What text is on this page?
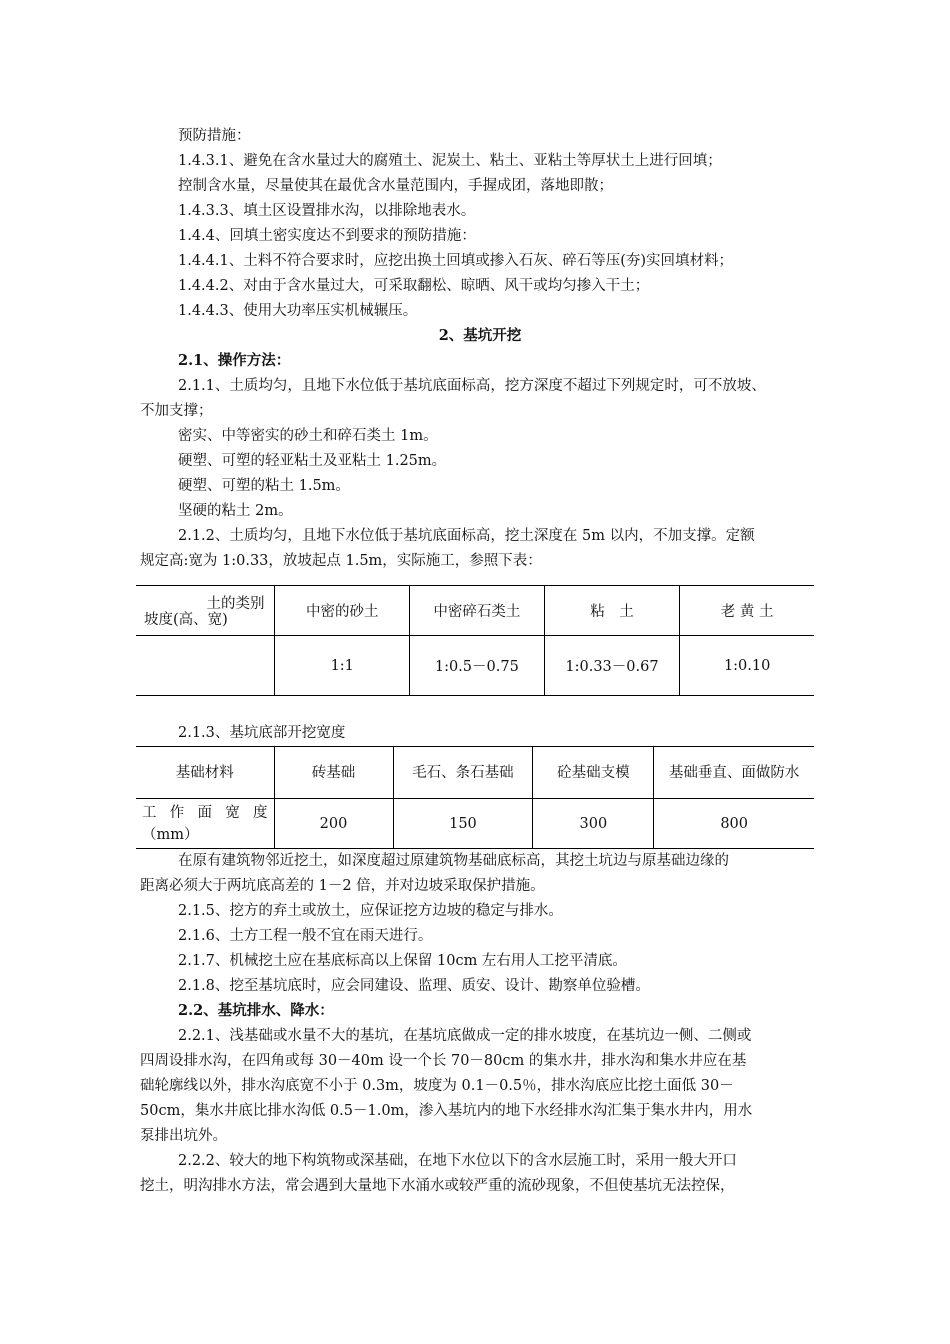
预防措施：
1.4.3.1、避免在含水量过大的腐殖土、泥炭土、粘土、亚粘土等厚状土上进行回填；
控制含水量，尽量使其在最优含水量范围内，手握成团，落地即散；
1.4.3.3、填土区设置排水沟，以排除地表水。
1.4.4、回填土密实度达不到要求的预防措施：
1.4.4.1、土料不符合要求时，应挖出换土回填或掺入石灰、碎石等压(夯)实回填材料；
1.4.4.2、对由于含水量过大，可采取翻松、晾晒、风干或均匀掺入干土；
1.4.4.3、使用大功率压实机械辗压。
2、基坑开挖
2.1、操作方法：
2.1.1、土质均匀，且地下水位低于基坑底面标高，挖方深度不超过下列规定时，可不放坡、
不加支撑；
密实、中等密实的砂土和碎石类土 1m。
硬塑、可塑的轻亚粘土及亚粘土 1.25m。
硬塑、可塑的粘土 1.5m。
坚硬的粘土 2m。
2.1.2、土质均匀，且地下水位低于基坑底面标高，挖土深度在 5m 以内，不加支撑。定额
规定高:宽为 1:0.33，放坡起点 1.5m，实际施工，参照下表：
土的类别
坡度(高、宽)	中密的砂土	中密碎石类土	粘　土	老 黄 土
	1:1	1:0.5－0.75	1:0.33－0.67	1:0.10
2.1.3、基坑底部开挖宽度
基础材料	砖基础	毛石、条石基础	砼基础支模	基础垂直、面做防水

工作面宽度
（mm）	200	150	300	800
在原有建筑物邻近挖土，如深度超过原建筑物基础底标高，其挖土坑边与原基础边缘的
距离必须大于两坑底高差的 1－2 倍，并对边坡采取保护措施。
2.1.5、挖方的弃土或放土，应保证挖方边坡的稳定与排水。
2.1.6、土方工程一般不宜在雨天进行。
2.1.7、机械挖土应在基底标高以上保留 10cm 左右用人工挖平清底。
2.1.8、挖至基坑底时，应会同建设、监理、质安、设计、勘察单位验槽。
2.2、基坑排水、降水：
2.2.1、浅基础或水量不大的基坑，在基坑底做成一定的排水坡度，在基坑边一侧、二侧或
四周设排水沟，在四角或每 30－40m 设一个长 70－80cm 的集水井，排水沟和集水井应在基
础轮廓线以外，排水沟底宽不小于 0.3m，坡度为 0.1－0.5％，排水沟底应比挖土面低 30－
50cm，集水井底比排水沟低 0.5－1.0m，渗入基坑内的地下水经排水沟汇集于集水井内，用水
泵排出坑外。
2.2.2、较大的地下构筑物或深基础，在地下水位以下的含水层施工时，采用一般大开口
挖土，明沟排水方法，常会遇到大量地下水涌水或较严重的流砂现象，不但使基坑无法控保，
